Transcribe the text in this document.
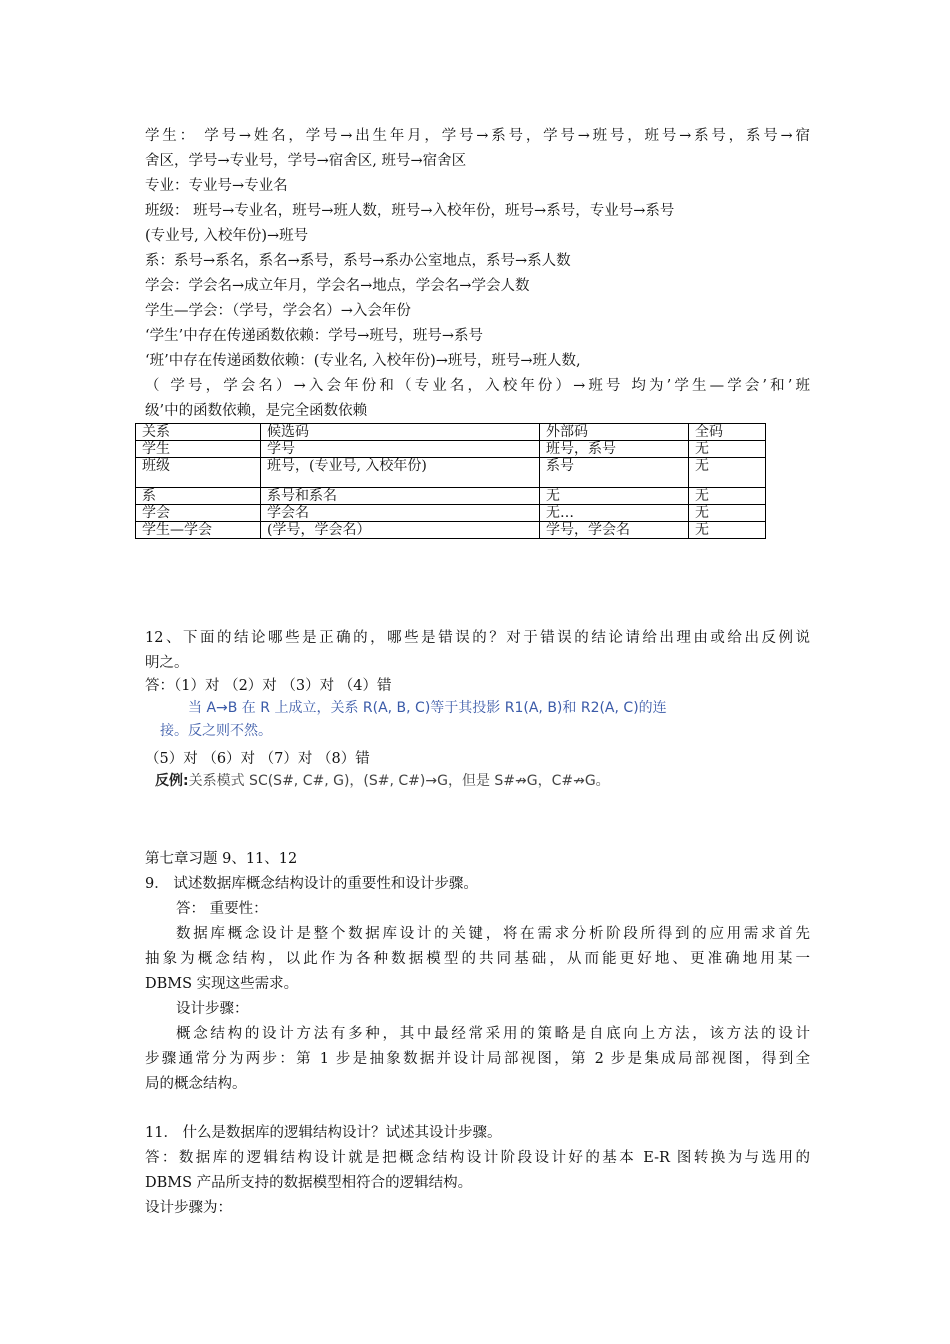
学生： 学号→姓名，学号→出生年月，学号→系号，学号→班号，班号→系号，系号→宿
舍区，学号→专业号，学号→宿舍区, 班号→宿舍区
专业：专业号→专业名
班级： 班号→专业名，班号→班人数，班号→入校年份，班号→系号，专业号→系号
(专业号, 入校年份)→班号
系：系号→系名，系名→系号，系号→系办公室地点，系号→系人数
学会：学会名→成立年月，学会名→地点，学会名→学会人数
学生—学会：（学号，学会名）→入会年份
‘学生’中存在传递函数依赖：学号→班号，班号→系号
‘班’中存在传递函数依赖：(专业名, 入校年份)→班号，班号→班人数,
（ 学号，学会名）→入会年份和（专业名，入校年份）→班号 均为’学生—学会’和’班
级’中的函数依赖，是完全函数依赖
关系	候选码	外部码	全码
学生	学号	班号，系号	无
班级	班号，(专业号, 入校年份)	系号	无
系	系号和系名	无	无
学会	学会名	无…	无
学生—学会	(学号，学会名）	学号，学会名	无
12、下面的结论哪些是正确的，哪些是错误的？对于错误的结论请给出理由或给出反例说
明之。
答：（1）对 （2）对 （3）对 （4）错
当 A→B 在 R 上成立，关系 R(A, B, C)等于其投影 R1(A, B)和 R2(A, C)的连
接。反之则不然。
（5）对 （6）对 （7）对 （8）错
反例:关系模式 SC(S#, C#, G)，(S#, C#)→G，但是 S#↛G，C#↛G。
第七章习题 9、11、12
9． 试述数据库概念结构设计的重要性和设计步骤。
答： 重要性：
数据库概念设计是整个数据库设计的关键，将在需求分析阶段所得到的应用需求首先
抽象为概念结构，以此作为各种数据模型的共同基础，从而能更好地、更准确地用某一
DBMS 实现这些需求。
设计步骤：
概念结构的设计方法有多种，其中最经常采用的策略是自底向上方法，该方法的设计
步骤通常分为两步：第 1 步是抽象数据并设计局部视图，第 2 步是集成局部视图，得到全
局的概念结构。
11． 什么是数据库的逻辑结构设计？试述其设计步骤。
答：数据库的逻辑结构设计就是把概念结构设计阶段设计好的基本 E-R 图转换为与选用的
DBMS 产品所支持的数据模型相符合的逻辑结构。
设计步骤为：
